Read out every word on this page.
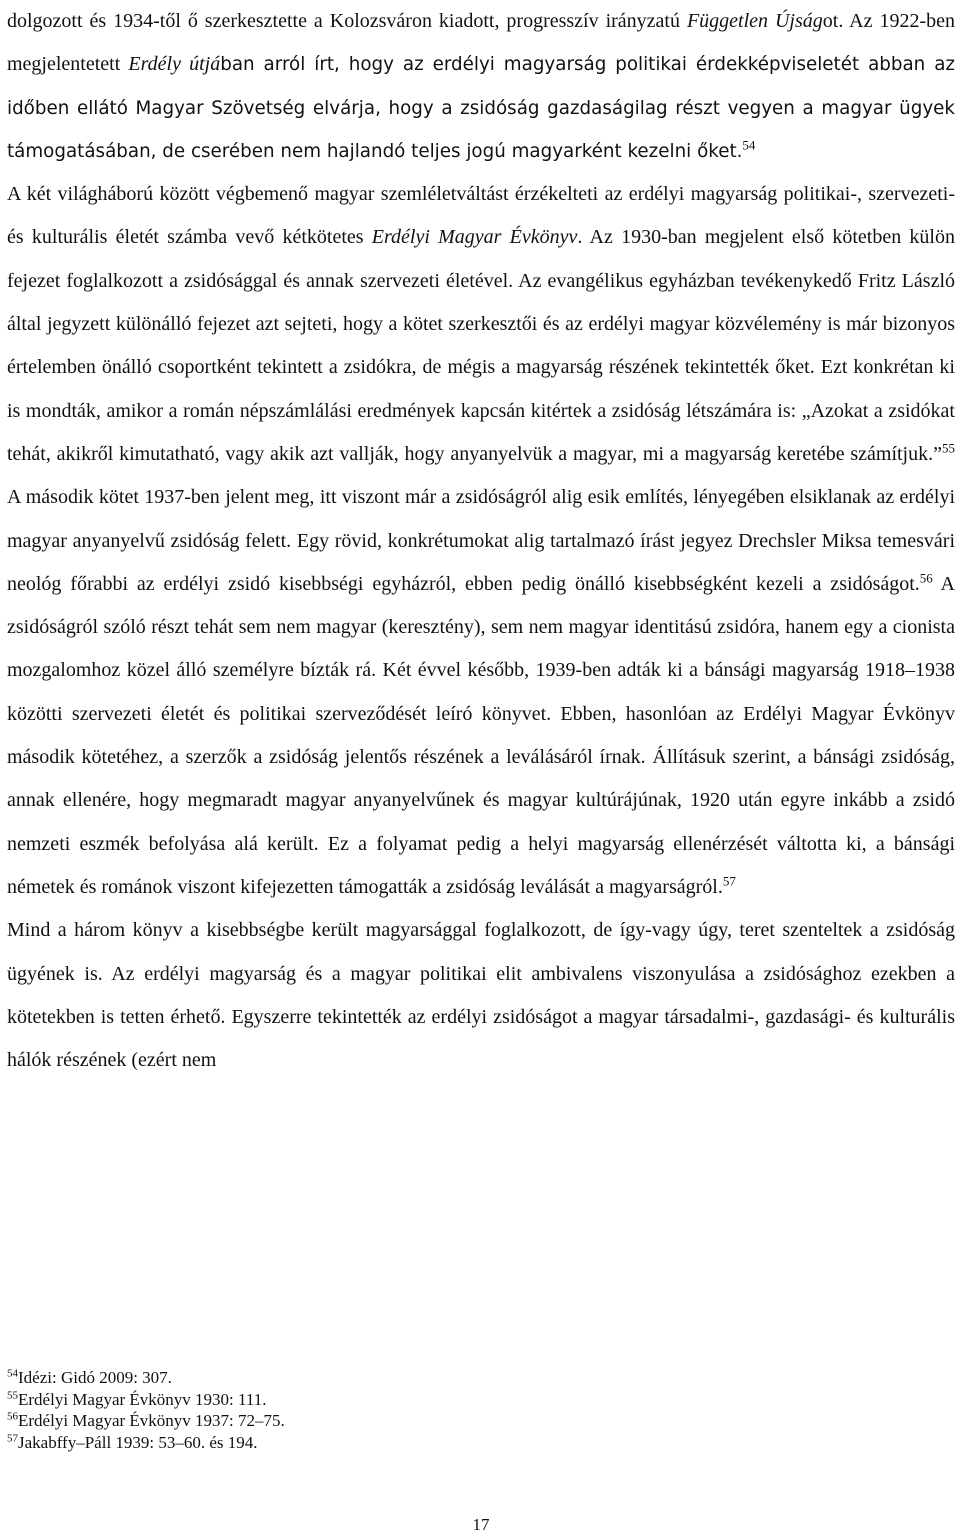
dolgozott és 1934-től ő szerkesztette a Kolozsváron kiadott, progresszív irányzatú Független Újságot. Az 1922-ben megjelentetett Erdély útjában arról írt, hogy az erdélyi magyarság politikai érdekképviseletét abban az időben ellátó Magyar Szövetség elvárja, hogy a zsidóság gazdaságilag részt vegyen a magyar ügyek támogatásában, de cserében nem hajlandó teljes jogú magyarként kezelni őket.$^{54}$

A két világháború között végbemenő magyar szemléletváltást érzékelteti az erdélyi magyarság politikai-, szervezeti- és kulturális életét számba vevő kétkötetes Erdélyi Magyar Évkönyv. Az 1930-ban megjelent első kötetben külön fejezet foglalkozott a zsidósággal és annak szervezeti életével. Az evangélikus egyházban tevékenykedő Fritz László által jegyzett különálló fejezet azt sejteti, hogy a kötet szerkesztői és az erdélyi magyar közvélemény is már bizonyos értelemben önálló csoportként tekintett a zsidókra, de mégis a magyarság részének tekintették őket. Ezt konkrétan ki is mondták, amikor a román népszámlálási eredmények kapcsán kitértek a zsidóság létszámára is: „Azokat a zsidókat tehát, akikről kimutatható, vagy akik azt vallják, hogy anyanyelvük a magyar, mi a magyarság keretébe számítjuk.”$^{55}$ A második kötet 1937-ben jelent meg, itt viszont már a zsidóságról alig esik említés, lényegében elsiklanak az erdélyi magyar anyanyelvű zsidóság felett. Egy rövid, konkrétumokat alig tartalmazó írást jegyez Drechsler Miksa temesvári neológ főrabbi az erdélyi zsidó kisebbségi egyházról, ebben pedig önálló kisebbségként kezeli a zsidóságot.$^{56}$ A zsidóságról szóló részt tehát sem nem magyar (keresztény), sem nem magyar identitású zsidóra, hanem egy a cionista mozgalomhoz közel álló személyre bízták rá. Két évvel később, 1939-ben adták ki a bánsági magyarság 1918–1938 közötti szervezeti életét és politikai szerveződését leíró könyvet. Ebben, hasonlóan az Erdélyi Magyar Évkönyv második kötetéhez, a szerzők a zsidóság jelentős részének a leválásáról írnak. Állításuk szerint, a bánsági zsidóság, annak ellenére, hogy megmaradt magyar anyanyelvűnek és magyar kultúrájúnak, 1920 után egyre inkább a zsidó nemzeti eszmék befolyása alá került. Ez a folyamat pedig a helyi magyarság ellenérzését váltotta ki, a bánsági németek és románok viszont kifejezetten támogatták a zsidóság leválását a magyarságról.$^{57}$

Mind a három könyv a kisebbségbe került magyarsággal foglalkozott, de így-vagy úgy, teret szenteltek a zsidóság ügyének is. Az erdélyi magyarság és a magyar politikai elit ambivalens viszonyulása a zsidósághoz ezekben a kötetekben is tetten érhető. Egyszerre tekintették az erdélyi zsidóságot a magyar társadalmi-, gazdasági- és kulturális hálók részének (ezért nem

$^{54}$Idézi: Gidó 2009: 307.
$^{55}$Erdélyi Magyar Évkönyv 1930: 111.
$^{56}$Erdélyi Magyar Évkönyv 1937: 72–75.
$^{57}$Jakabffy–Páll 1939: 53–60. és 194.
17
